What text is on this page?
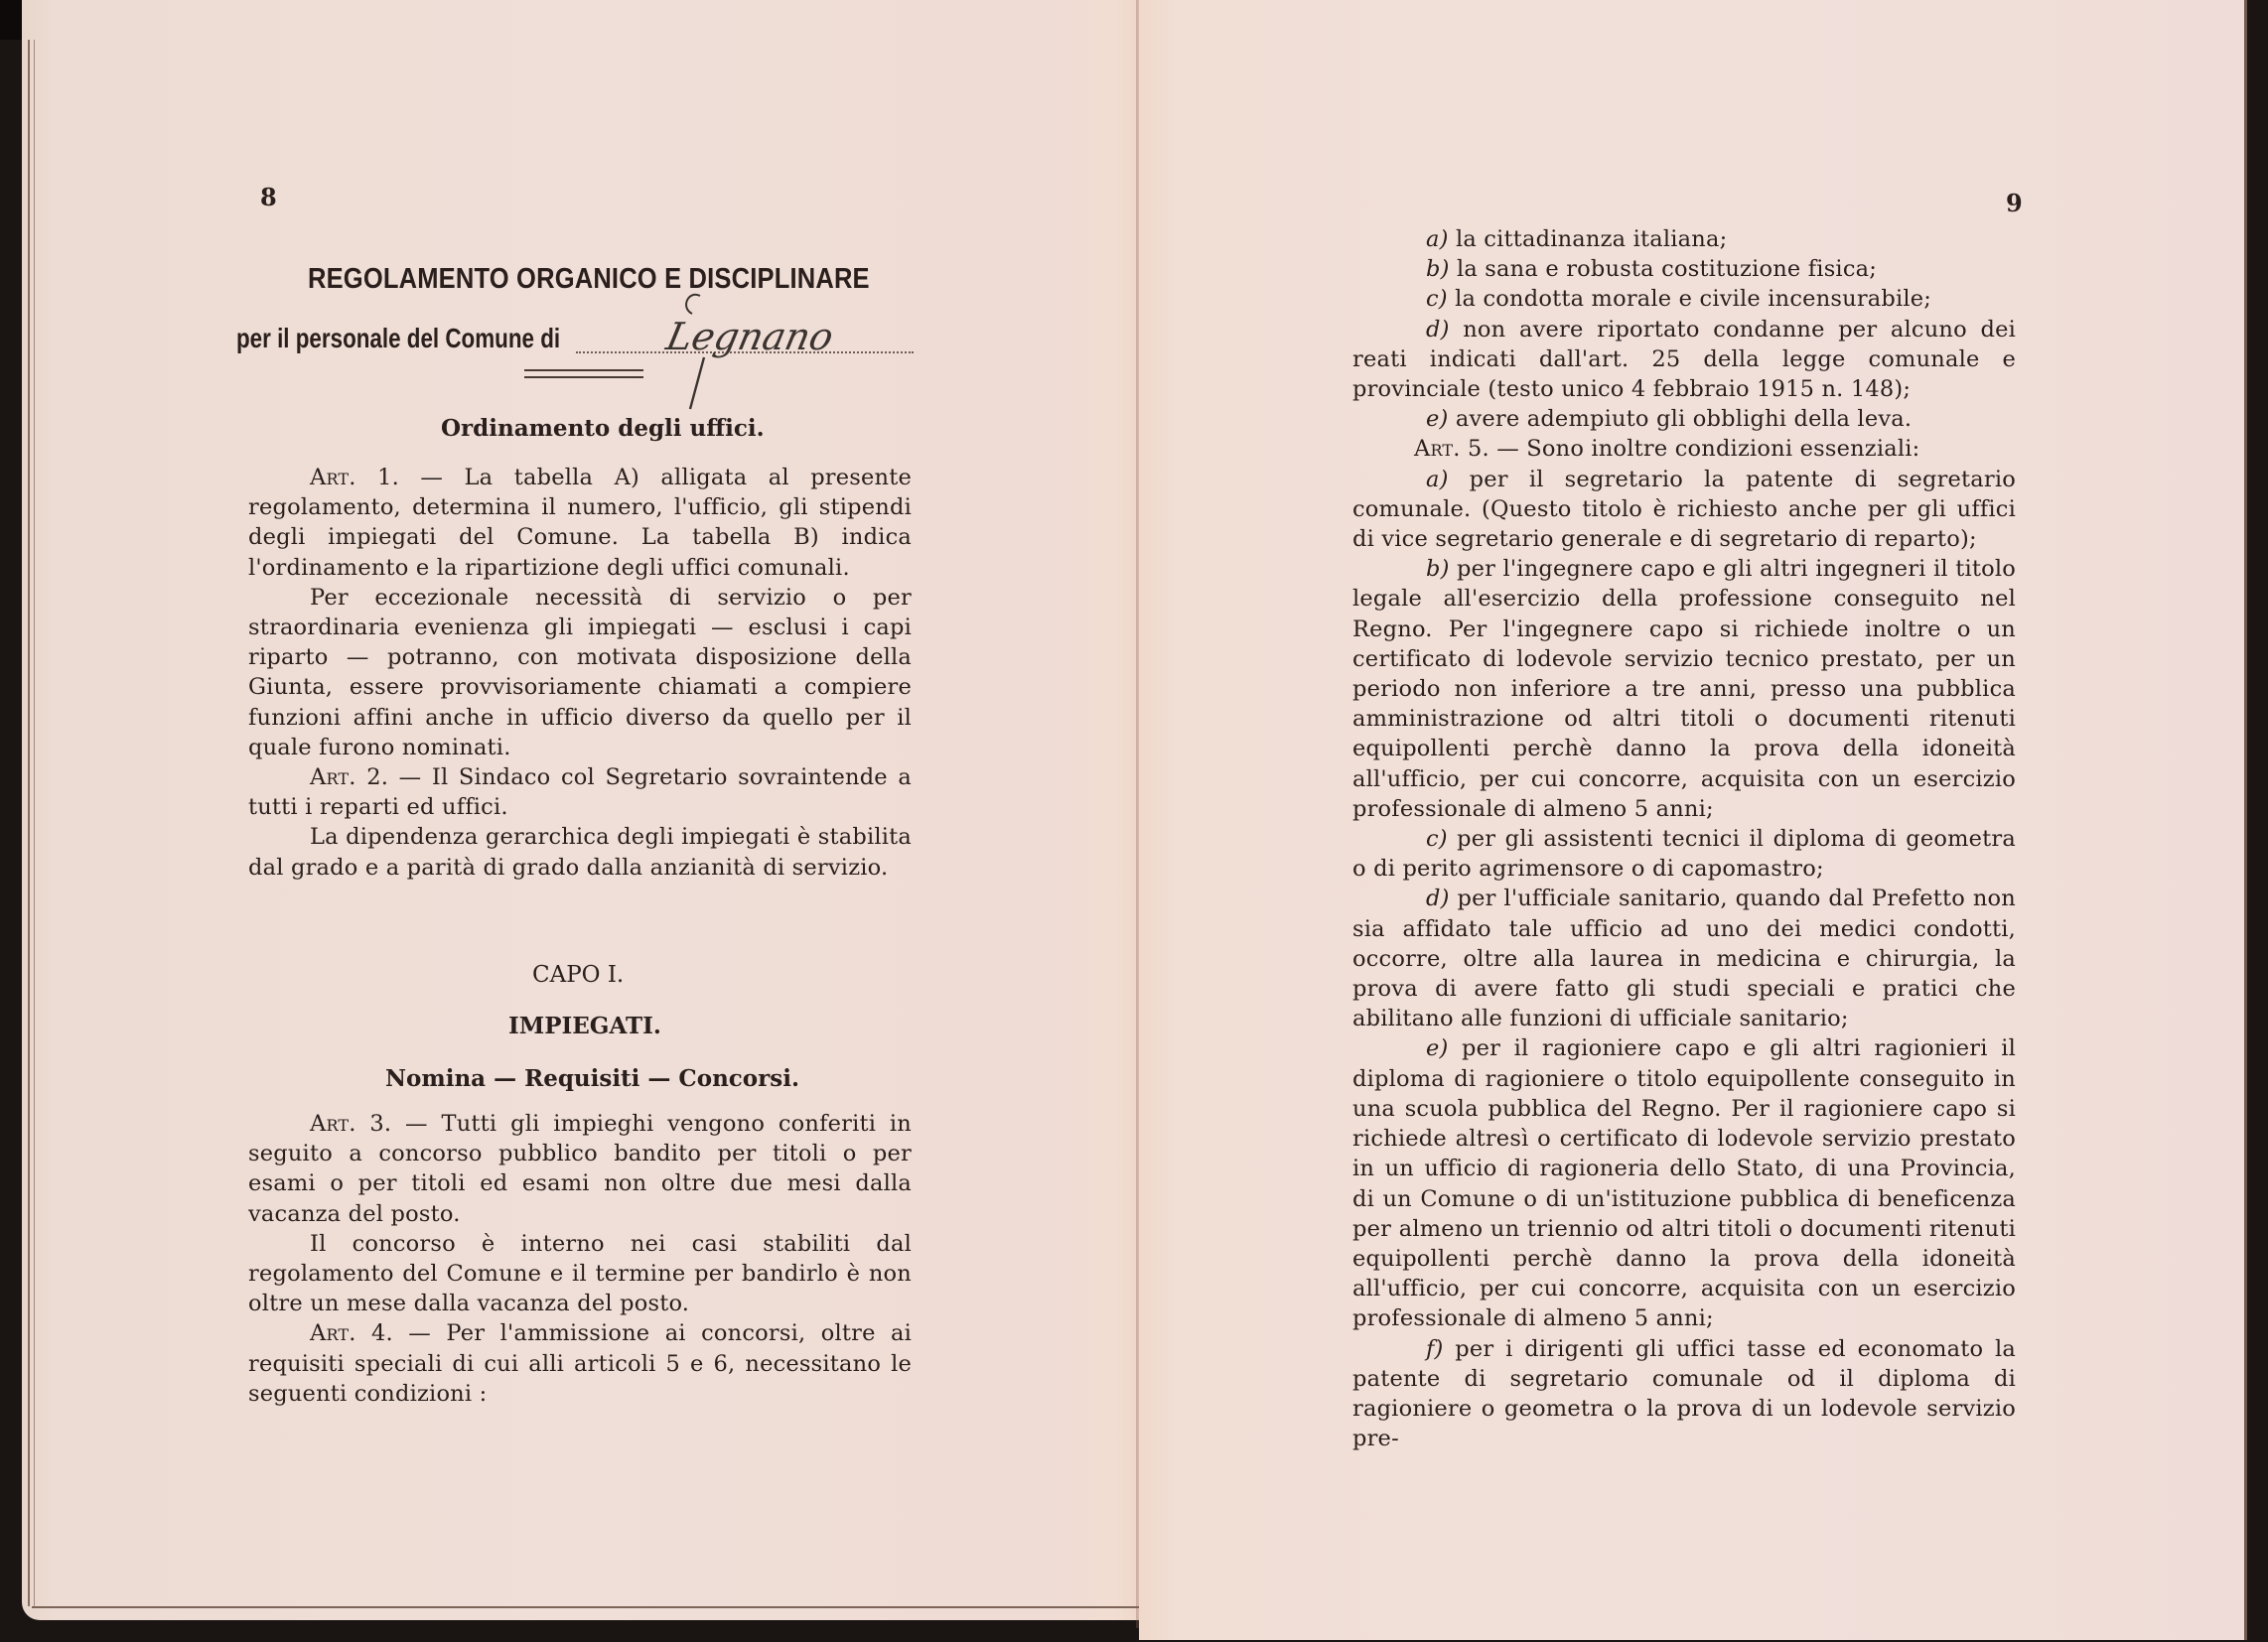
8
REGOLAMENTO ORGANICO E DISCIPLINARE
per il personale del Comune di	Legnano
Ordinamento degli uffici.

Art. 1. — La tabella A) alligata al presente regolamento, determina il numero, l'ufficio, gli stipendi degli impiegati del Comune. La tabella B) indica l'ordinamento e la ripartizione degli uffici comunali.

Per eccezionale necessità di servizio o per straordinaria evenienza gli impiegati — esclusi i capi riparto — potranno, con motivata disposizione della Giunta, essere provvisoriamente chiamati a compiere funzioni affini anche in ufficio diverso da quello per il quale furono nominati.

Art. 2. — Il Sindaco col Segretario sovraintende a tutti i reparti ed uffici.

La dipendenza gerarchica degli impiegati è stabilita dal grado e a parità di grado dalla anzianità di servizio.

CAPO I.
IMPIEGATI.
Nomina — Requisiti — Concorsi.

Art. 3. — Tutti gli impieghi vengono conferiti in seguito a concorso pubblico bandito per titoli o per esami o per titoli ed esami non oltre due mesi dalla vacanza del posto.

Il concorso è interno nei casi stabiliti dal regolamento del Comune e il termine per bandirlo è non oltre un mese dalla vacanza del posto.

Art. 4. — Per l'ammissione ai concorsi, oltre ai requisiti speciali di cui alli articoli 5 e 6, necessitano le seguenti condizioni :

9

a) la cittadinanza italiana;

b) la sana e robusta costituzione fisica;

c) la condotta morale e civile incensurabile;

d) non avere riportato condanne per alcuno dei reati indicati dall'art. 25 della legge comunale e provinciale (testo unico 4 febbraio 1915 n. 148);

e) avere adempiuto gli obblighi della leva.

Art. 5. — Sono inoltre condizioni essenziali:

a) per il segretario la patente di segretario comunale. (Questo titolo è richiesto anche per gli uffici di vice segretario generale e di segretario di reparto);

b) per l'ingegnere capo e gli altri ingegneri il titolo legale all'esercizio della professione conseguito nel Regno. Per l'ingegnere capo si richiede inoltre o un certificato di lodevole servizio tecnico prestato, per un periodo non inferiore a tre anni, presso una pubblica amministrazione od altri titoli o documenti ritenuti equipollenti perchè danno la prova della idoneità all'ufficio, per cui concorre, acquisita con un esercizio professionale di almeno 5 anni;

c) per gli assistenti tecnici il diploma di geometra o di perito agrimensore o di capomastro;

d) per l'ufficiale sanitario, quando dal Prefetto non sia affidato tale ufficio ad uno dei medici condotti, occorre, oltre alla laurea in medicina e chirurgia, la prova di avere fatto gli studi speciali e pratici che abilitano alle funzioni di ufficiale sanitario;

e) per il ragioniere capo e gli altri ragionieri il diploma di ragioniere o titolo equipollente conseguito in una scuola pubblica del Regno. Per il ragioniere capo si richiede altresì o certificato di lodevole servizio prestato in un ufficio di ragioneria dello Stato, di una Provincia, di un Comune o di un'istituzione pubblica di beneficenza per almeno un triennio od altri titoli o documenti ritenuti equipollenti perchè danno la prova della idoneità all'ufficio, per cui concorre, acquisita con un esercizio professionale di almeno 5 anni;

f) per i dirigenti gli uffici tasse ed economato la patente di segretario comunale od il diploma di ragioniere o geometra o la prova di un lodevole servizio pre-
